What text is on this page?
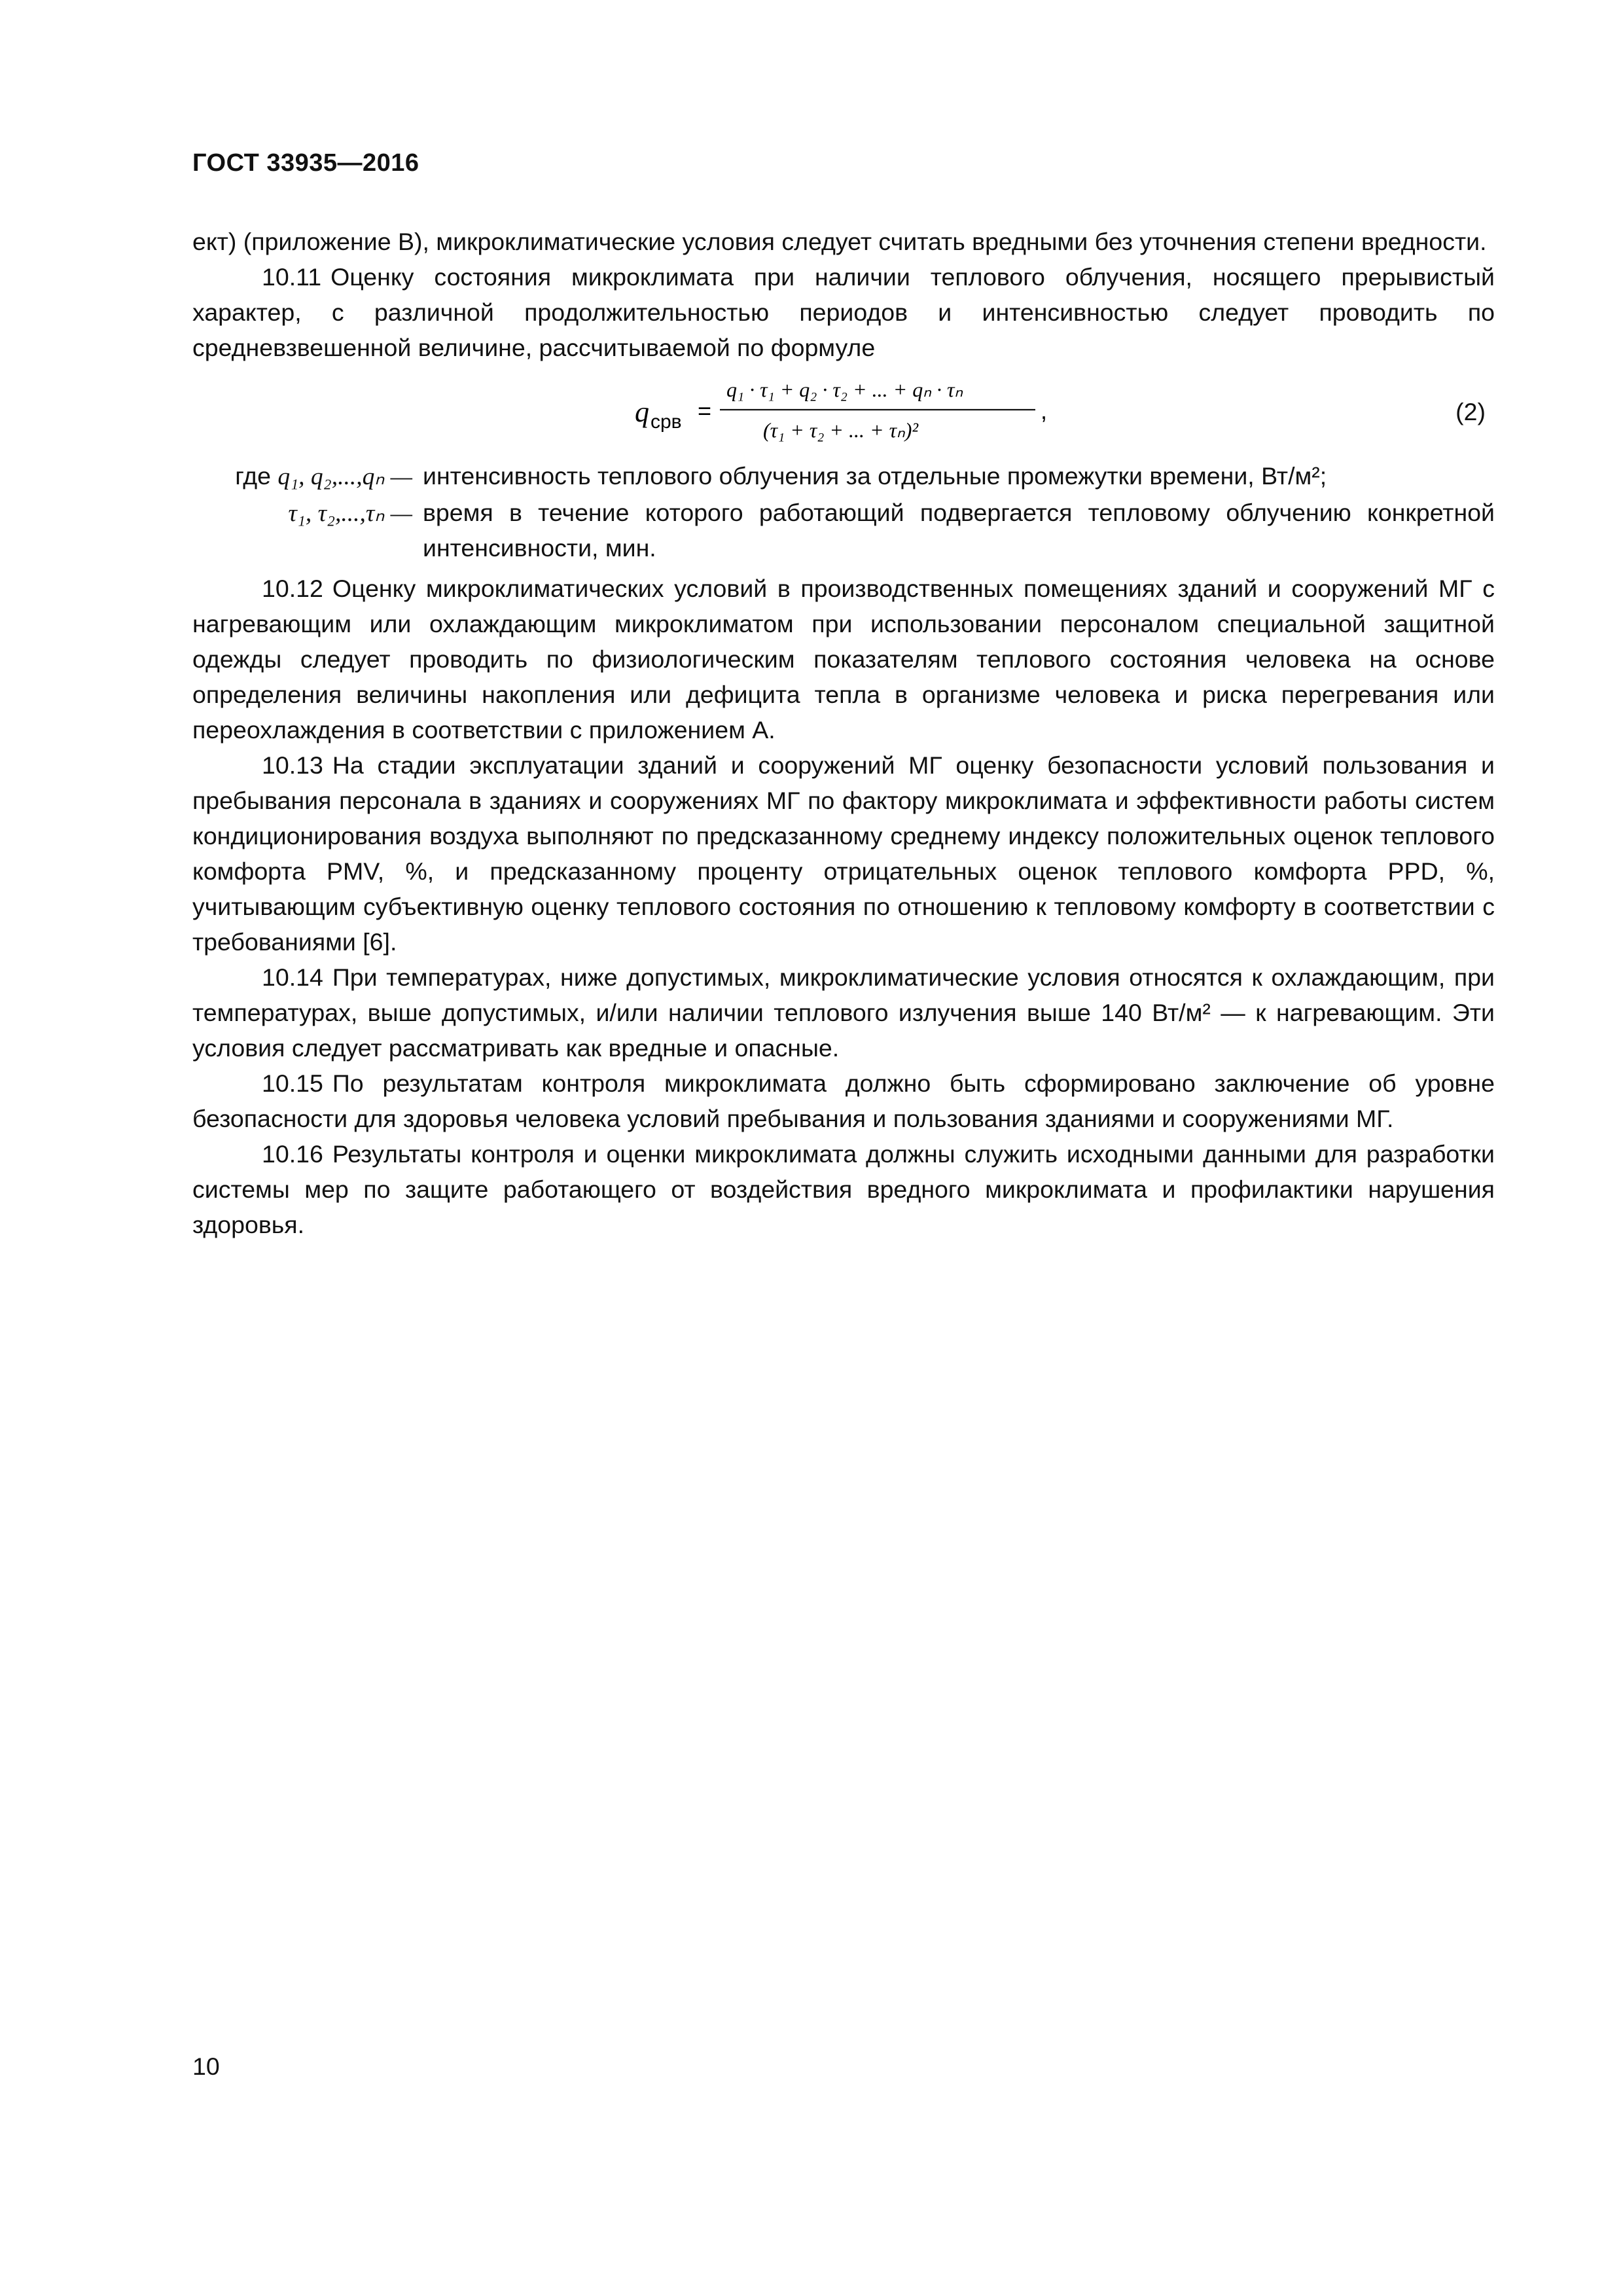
ГОСТ 33935—2016

ект) (приложение В), микроклиматические условия следует считать вредными без уточнения степени вредности.

10.11 Оценку состояния микроклимата при наличии теплового облучения, носящего прерывистый характер, с различной продолжительностью периодов и интенсивностью следует проводить по средневзвешенной величине, рассчитываемой по формуле

q срв =
q₁ · τ₁ + q₂ · τ₂ + ... + qₙ · τₙ
(τ₁ + τ₂ + ... + τₙ)²
,	(2)
где q₁, q₂,...,qₙ — интенсивность теплового облучения за отдельные промежутки времени, Вт/м²;
τ₁, τ₂,...,τₙ — время в течение которого работающий подвергается тепловому облучению конкретной интенсивности, мин.

10.12 Оценку микроклиматических условий в производственных помещениях зданий и сооружений МГ с нагревающим или охлаждающим микроклиматом при использовании персоналом специальной защитной одежды следует проводить по физиологическим показателям теплового состояния человека на основе определения величины накопления или дефицита тепла в организме человека и риска перегревания или переохлаждения в соответствии с приложением А.

10.13 На стадии эксплуатации зданий и сооружений МГ оценку безопасности условий пользования и пребывания персонала в зданиях и сооружениях МГ по фактору микроклимата и эффективности работы систем кондиционирования воздуха выполняют по предсказанному среднему индексу положительных оценок теплового комфорта PMV, %, и предсказанному проценту отрицательных оценок теплового комфорта PPD, %, учитывающим субъективную оценку теплового состояния по отношению к тепловому комфорту в соответствии с требованиями [6].

10.14 При температурах, ниже допустимых, микроклиматические условия относятся к охлаждающим, при температурах, выше допустимых, и/или наличии теплового излучения выше 140 Вт/м² — к нагревающим. Эти условия следует рассматривать как вредные и опасные.

10.15 По результатам контроля микроклимата должно быть сформировано заключение об уровне безопасности для здоровья человека условий пребывания и пользования зданиями и сооружениями МГ.

10.16 Результаты контроля и оценки микроклимата должны служить исходными данными для разработки системы мер по защите работающего от воздействия вредного микроклимата и профилактики нарушения здоровья.

10
